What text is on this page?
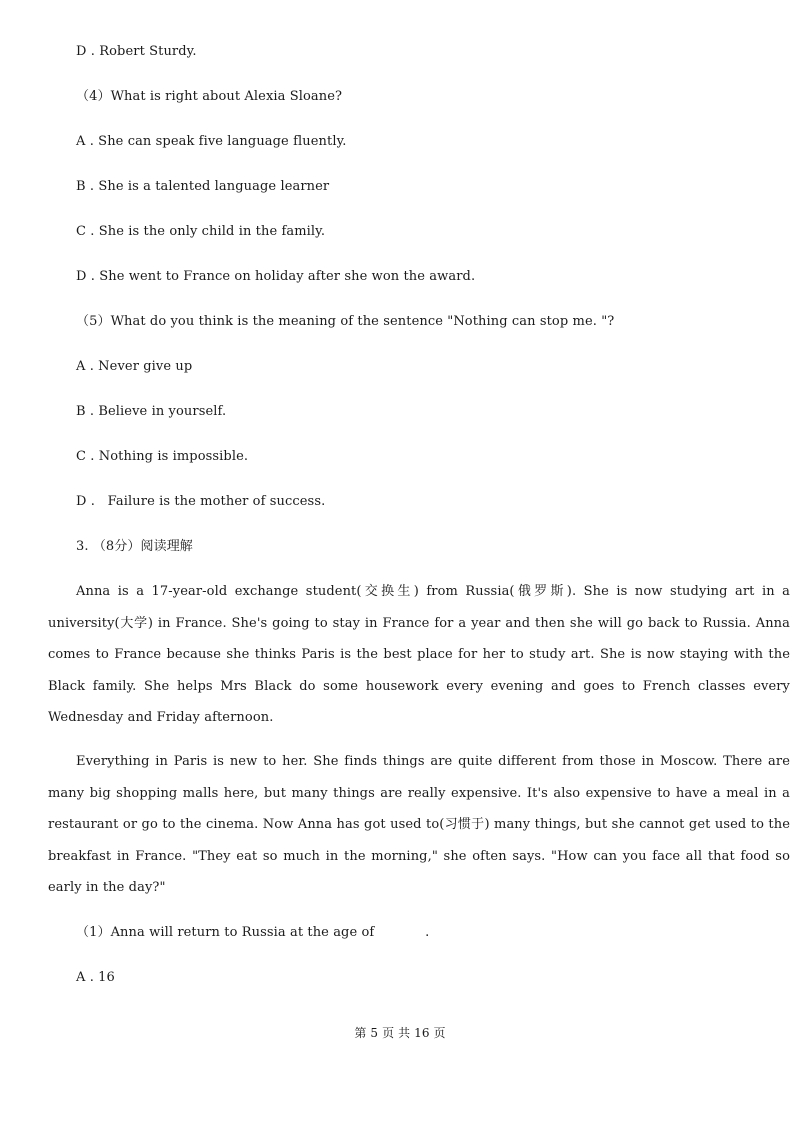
D . Robert Sturdy.
（4）What is right about Alexia Sloane?
A . She can speak five language fluently.
B . She is a talented language learner
C . She is the only child in the family.
D . She went to France on holiday after she won the award.
（5）What do you think is the meaning of the sentence "Nothing can stop me. "?
A . Never give up
B . Believe in yourself.
C . Nothing is impossible.
D .   Failure is the mother of success.
3. （8分）阅读理解
Anna is a 17-year-old exchange student(交换生) from Russia(俄罗斯). She is now studying art in a university(大学) in France. She's going to stay in France for a year and then she will go back to Russia. Anna comes to France because she thinks Paris is the best place for her to study art. She is now staying with the Black family. She helps Mrs Black do some housework every evening and goes to French classes every Wednesday and Friday afternoon.
Everything in Paris is new to her. She finds things are quite different from those in Moscow. There are many big shopping malls here, but many things are really expensive. It's also expensive to have a meal in a restaurant or go to the cinema. Now Anna has got used to(习惯于) many things, but she cannot get used to the breakfast in France. "They eat so much in the morning," she often says. "How can you face all that food so early in the day?"
（1）Anna will return to Russia at the age of            .
A . 16
第 5 页 共 16 页
